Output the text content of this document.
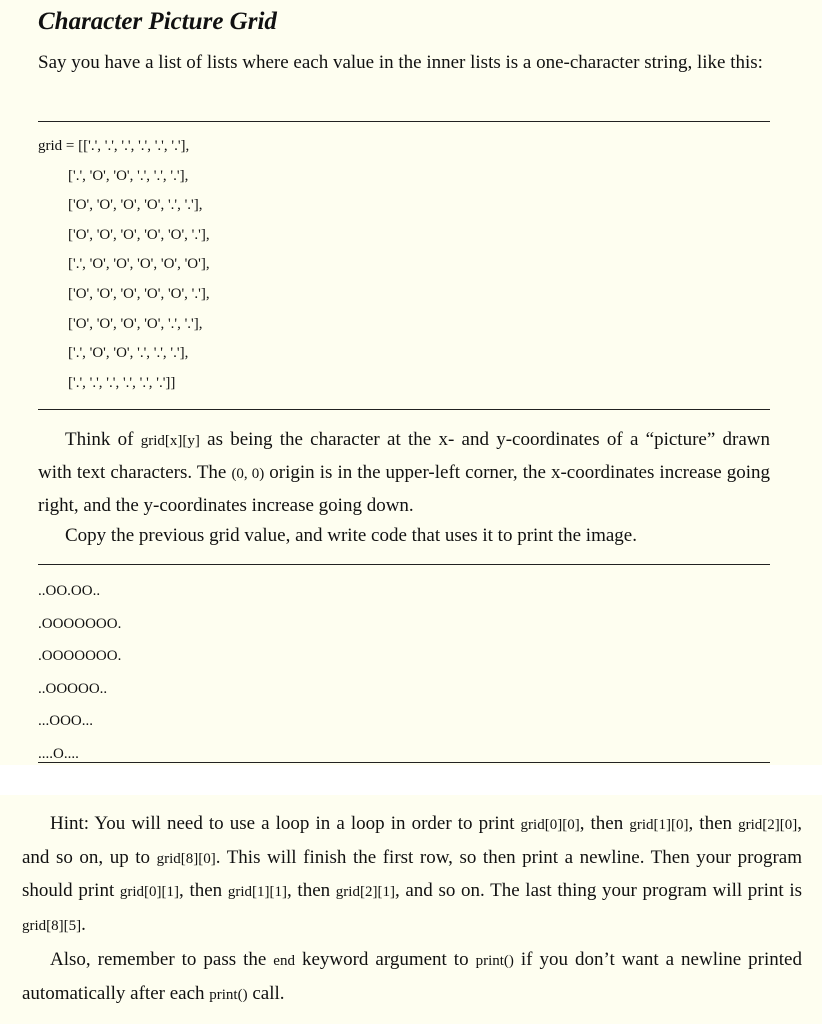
Character Picture Grid

Say you have a list of lists where each value in the inner lists is a one-character string, like this:

grid = [['.', '.', '.', '.', '.', '.'],
['.', 'O', 'O', '.', '.', '.'],
['O', 'O', 'O', 'O', '.', '.'],
['O', 'O', 'O', 'O', 'O', '.'],
['.', 'O', 'O', 'O', 'O', 'O'],
['O', 'O', 'O', 'O', 'O', '.'],
['O', 'O', 'O', 'O', '.', '.'],
['.', 'O', 'O', '.', '.', '.'],
['.', '.', '.', '.', '.', '.']]

Think of grid[x][y] as being the character at the x- and y-coordinates of a “picture” drawn with text characters. The (0, 0) origin is in the upper-left corner, the x-coordinates increase going right, and the y-coordinates increase going down.

Copy the previous grid value, and write code that uses it to print the image.

..OO.OO..
.OOOOOOO.
.OOOOOOO.
..OOOOO..
...OOO...
....O....

Hint: You will need to use a loop in a loop in order to print grid[0][0], then grid[1][0], then grid[2][0], and so on, up to grid[8][0]. This will finish the first row, so then print a newline. Then your program should print grid[0][1], then grid[1][1], then grid[2][1], and so on. The last thing your program will print is grid[8][5].

Also, remember to pass the end keyword argument to print() if you don’t want a newline printed automatically after each print() call.
